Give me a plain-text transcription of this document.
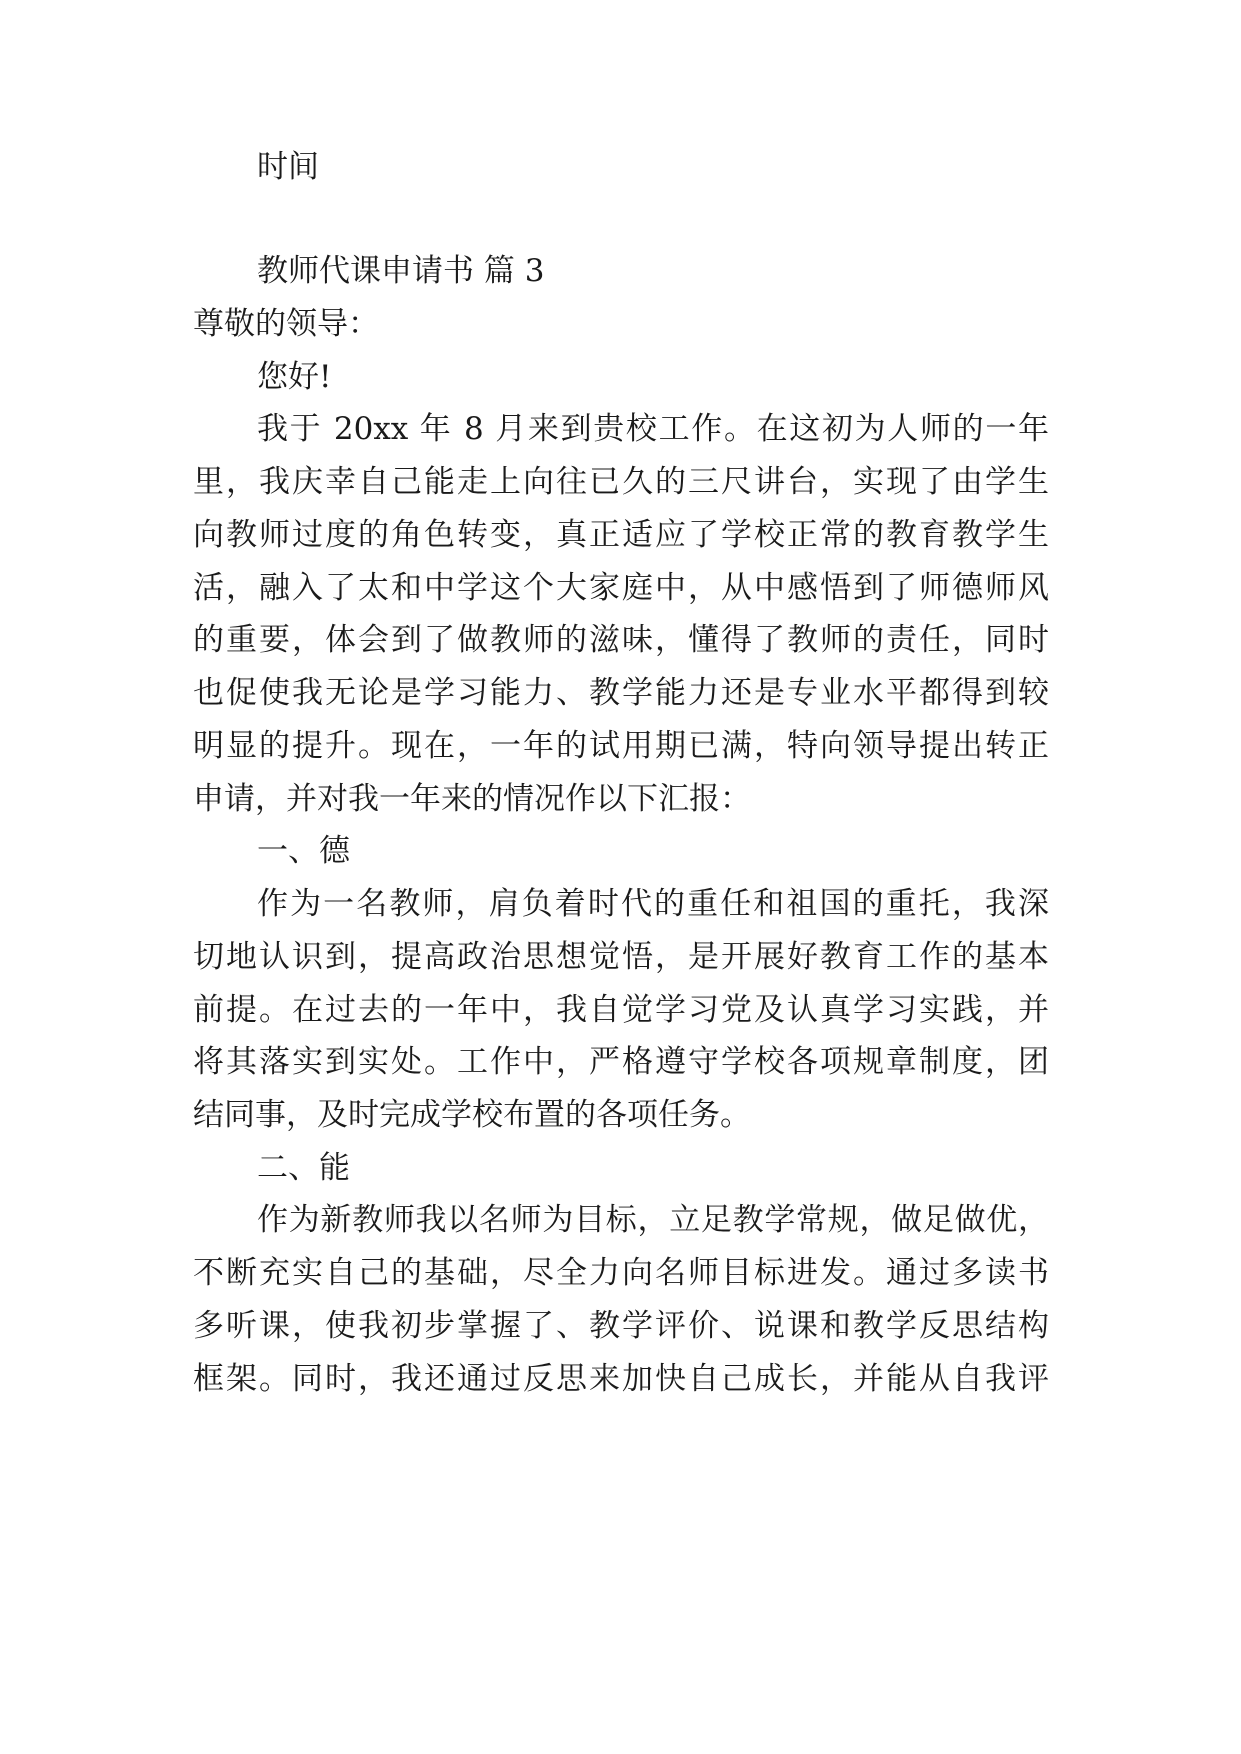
时间
教师代课申请书 篇 3
尊敬的领导：
您好!
我于 20xx 年 8 月来到贵校工作。在这初为人师的一年
里，我庆幸自己能走上向往已久的三尺讲台，实现了由学生
向教师过度的角色转变，真正适应了学校正常的教育教学生
活，融入了太和中学这个大家庭中，从中感悟到了师德师风
的重要，体会到了做教师的滋味，懂得了教师的责任，同时
也促使我无论是学习能力、教学能力还是专业水平都得到较
明显的提升。现在，一年的试用期已满，特向领导提出转正
申请，并对我一年来的情况作以下汇报：
一、德
作为一名教师，肩负着时代的重任和祖国的重托，我深
切地认识到，提高政治思想觉悟，是开展好教育工作的基本
前提。在过去的一年中，我自觉学习党及认真学习实践，并
将其落实到实处。工作中，严格遵守学校各项规章制度，团
结同事，及时完成学校布置的各项任务。
二、能
作为新教师我以名师为目标，立足教学常规，做足做优，
不断充实自己的基础，尽全力向名师目标进发。通过多读书
多听课，使我初步掌握了、教学评价、说课和教学反思结构
框架。同时，我还通过反思来加快自己成长，并能从自我评
